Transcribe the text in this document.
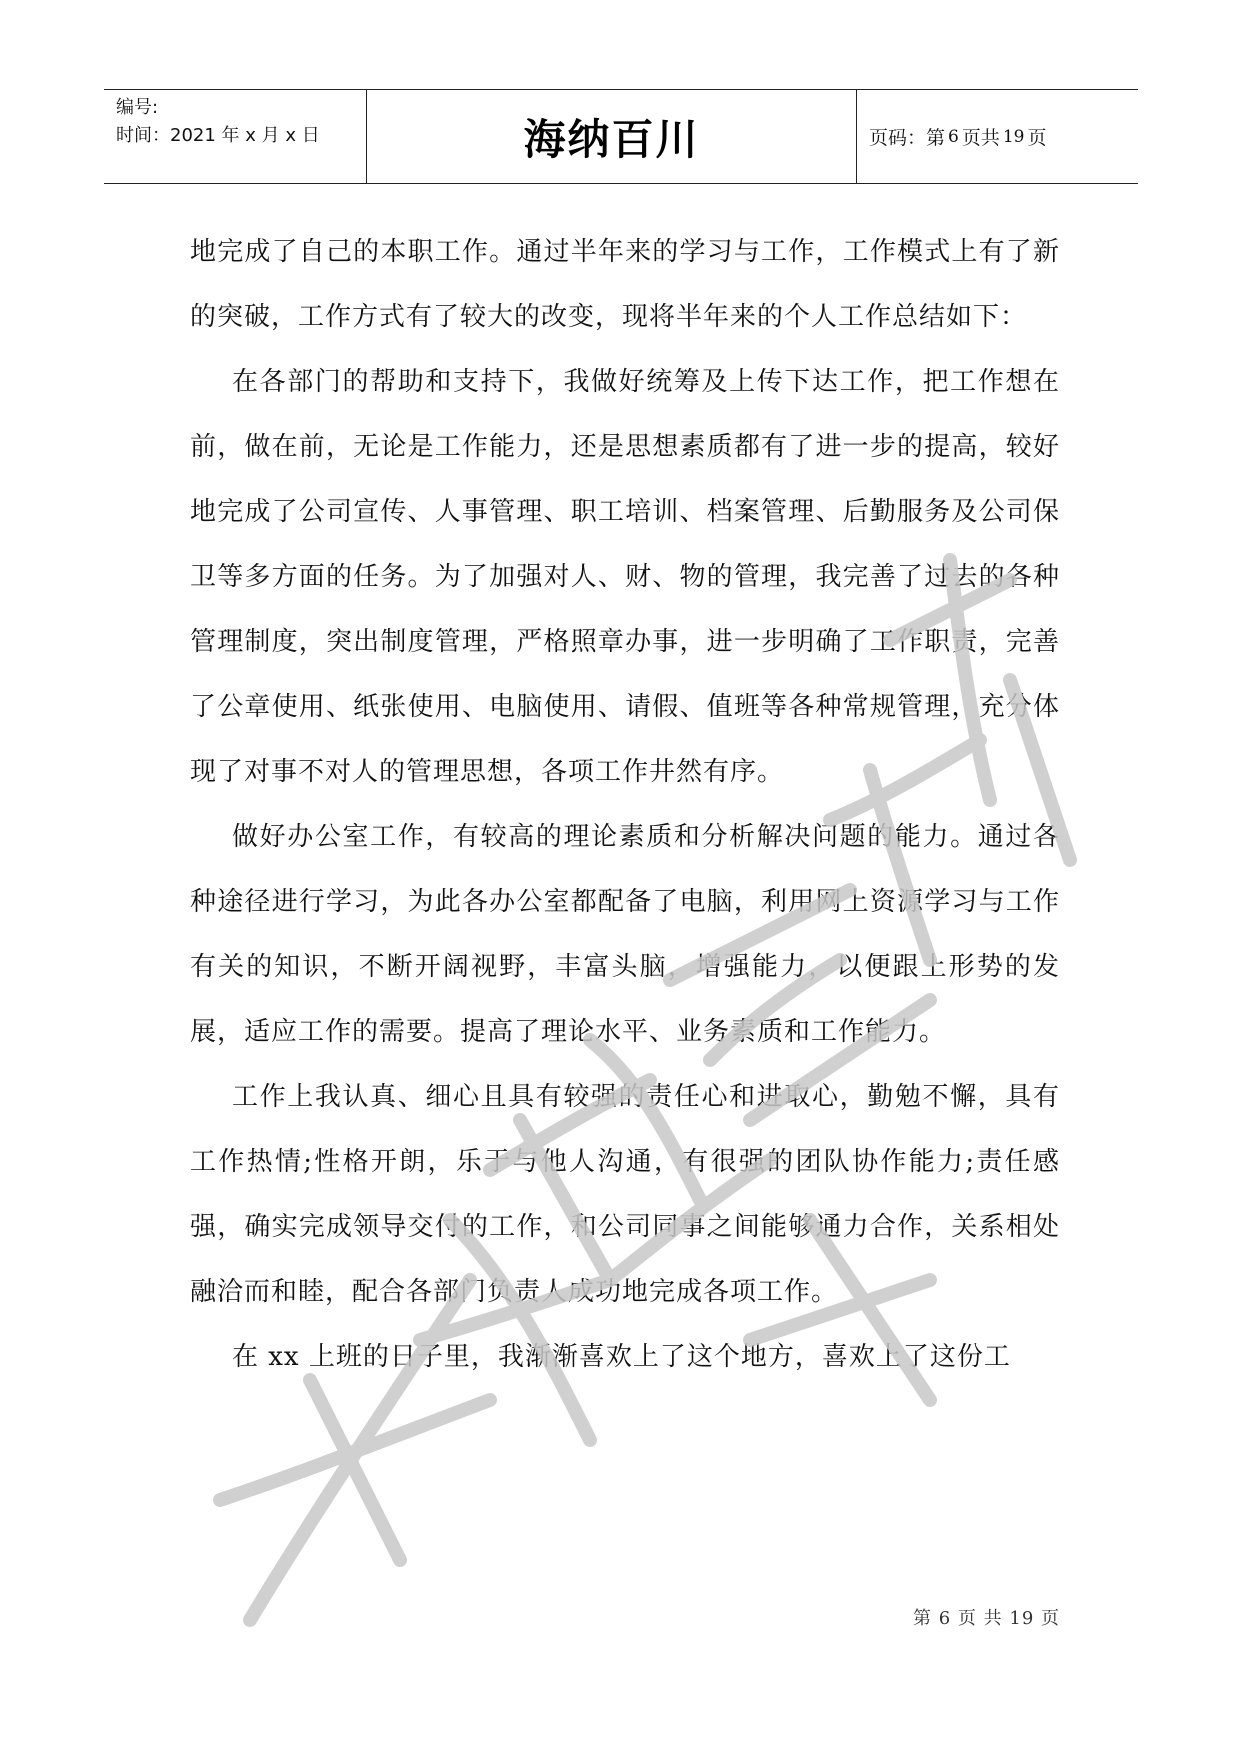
编号:
时间：2021 年 x 月 x 日	海纳百川	页码：第 6 页共 19 页

地完成了自己的本职工作。通过半年来的学习与工作，工作模式上有了新的突破，工作方式有了较大的改变，现将半年来的个人工作总结如下：

在各部门的帮助和支持下，我做好统筹及上传下达工作，把工作想在前，做在前，无论是工作能力，还是思想素质都有了进一步的提高，较好地完成了公司宣传、人事管理、职工培训、档案管理、后勤服务及公司保卫等多方面的任务。为了加强对人、财、物的管理，我完善了过去的各种管理制度，突出制度管理，严格照章办事，进一步明确了工作职责，完善了公章使用、纸张使用、电脑使用、请假、值班等各种常规管理，充分体现了对事不对人的管理思想，各项工作井然有序。

做好办公室工作，有较高的理论素质和分析解决问题的能力。通过各种途径进行学习，为此各办公室都配备了电脑，利用网上资源学习与工作有关的知识，不断开阔视野，丰富头脑，增强能力，以便跟上形势的发展，适应工作的需要。提高了理论水平、业务素质和工作能力。

工作上我认真、细心且具有较强的责任心和进取心，勤勉不懈，具有工作热情;性格开朗，乐于与他人沟通，有很强的团队协作能力;责任感强，确实完成领导交付的工作，和公司同事之间能够通力合作，关系相处融洽而和睦，配合各部门负责人成功地完成各项工作。

在 xx 上班的日子里，我渐渐喜欢上了这个地方，喜欢上了这份工

第 6 页 共 19 页
